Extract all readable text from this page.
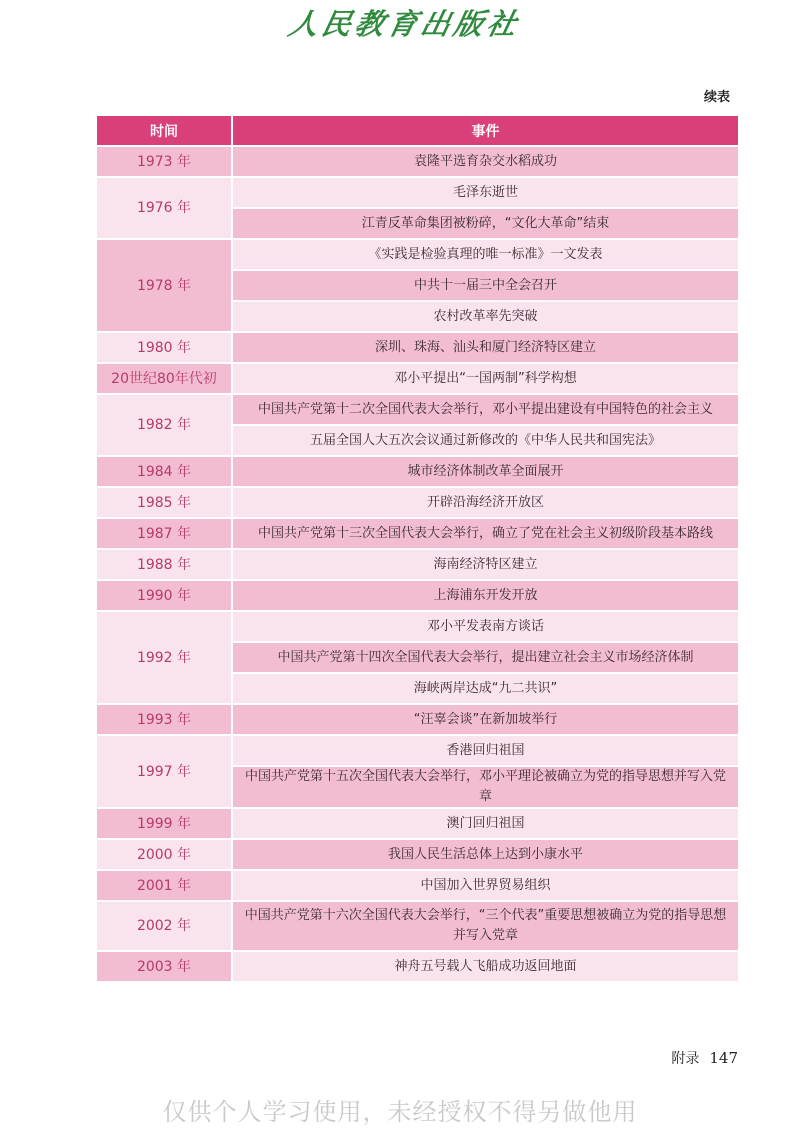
人民教育出版社
续表
时间	事件
1973 年	袁隆平选育杂交水稻成功
1976 年	毛泽东逝世
	江青反革命集团被粉碎，“文化大革命”结束
1978 年	《实践是检验真理的唯一标准》一文发表
	中共十一届三中全会召开
	农村改革率先突破
1980 年	深圳、珠海、汕头和厦门经济特区建立
20世纪80年代初	邓小平提出“一国两制”科学构想
1982 年	中国共产党第十二次全国代表大会举行，邓小平提出建设有中国特色的社会主义
	五届全国人大五次会议通过新修改的《中华人民共和国宪法》
1984 年	城市经济体制改革全面展开
1985 年	开辟沿海经济开放区
1987 年	中国共产党第十三次全国代表大会举行，确立了党在社会主义初级阶段基本路线
1988 年	海南经济特区建立
1990 年	上海浦东开发开放
1992 年	邓小平发表南方谈话
	中国共产党第十四次全国代表大会举行，提出建立社会主义市场经济体制
	海峡两岸达成“九二共识”
1993 年	“汪辜会谈”在新加坡举行
1997 年	香港回归祖国
	中国共产党第十五次全国代表大会举行，邓小平理论被确立为党的指导思想并写入党章
1999 年	澳门回归祖国
2000 年	我国人民生活总体上达到小康水平
2001 年	中国加入世界贸易组织
2002 年	中国共产党第十六次全国代表大会举行，“三个代表”重要思想被确立为党的指导思想并写入党章
2003 年	神舟五号载人飞船成功返回地面
附录 147
仅供个人学习使用，未经授权不得另做他用
